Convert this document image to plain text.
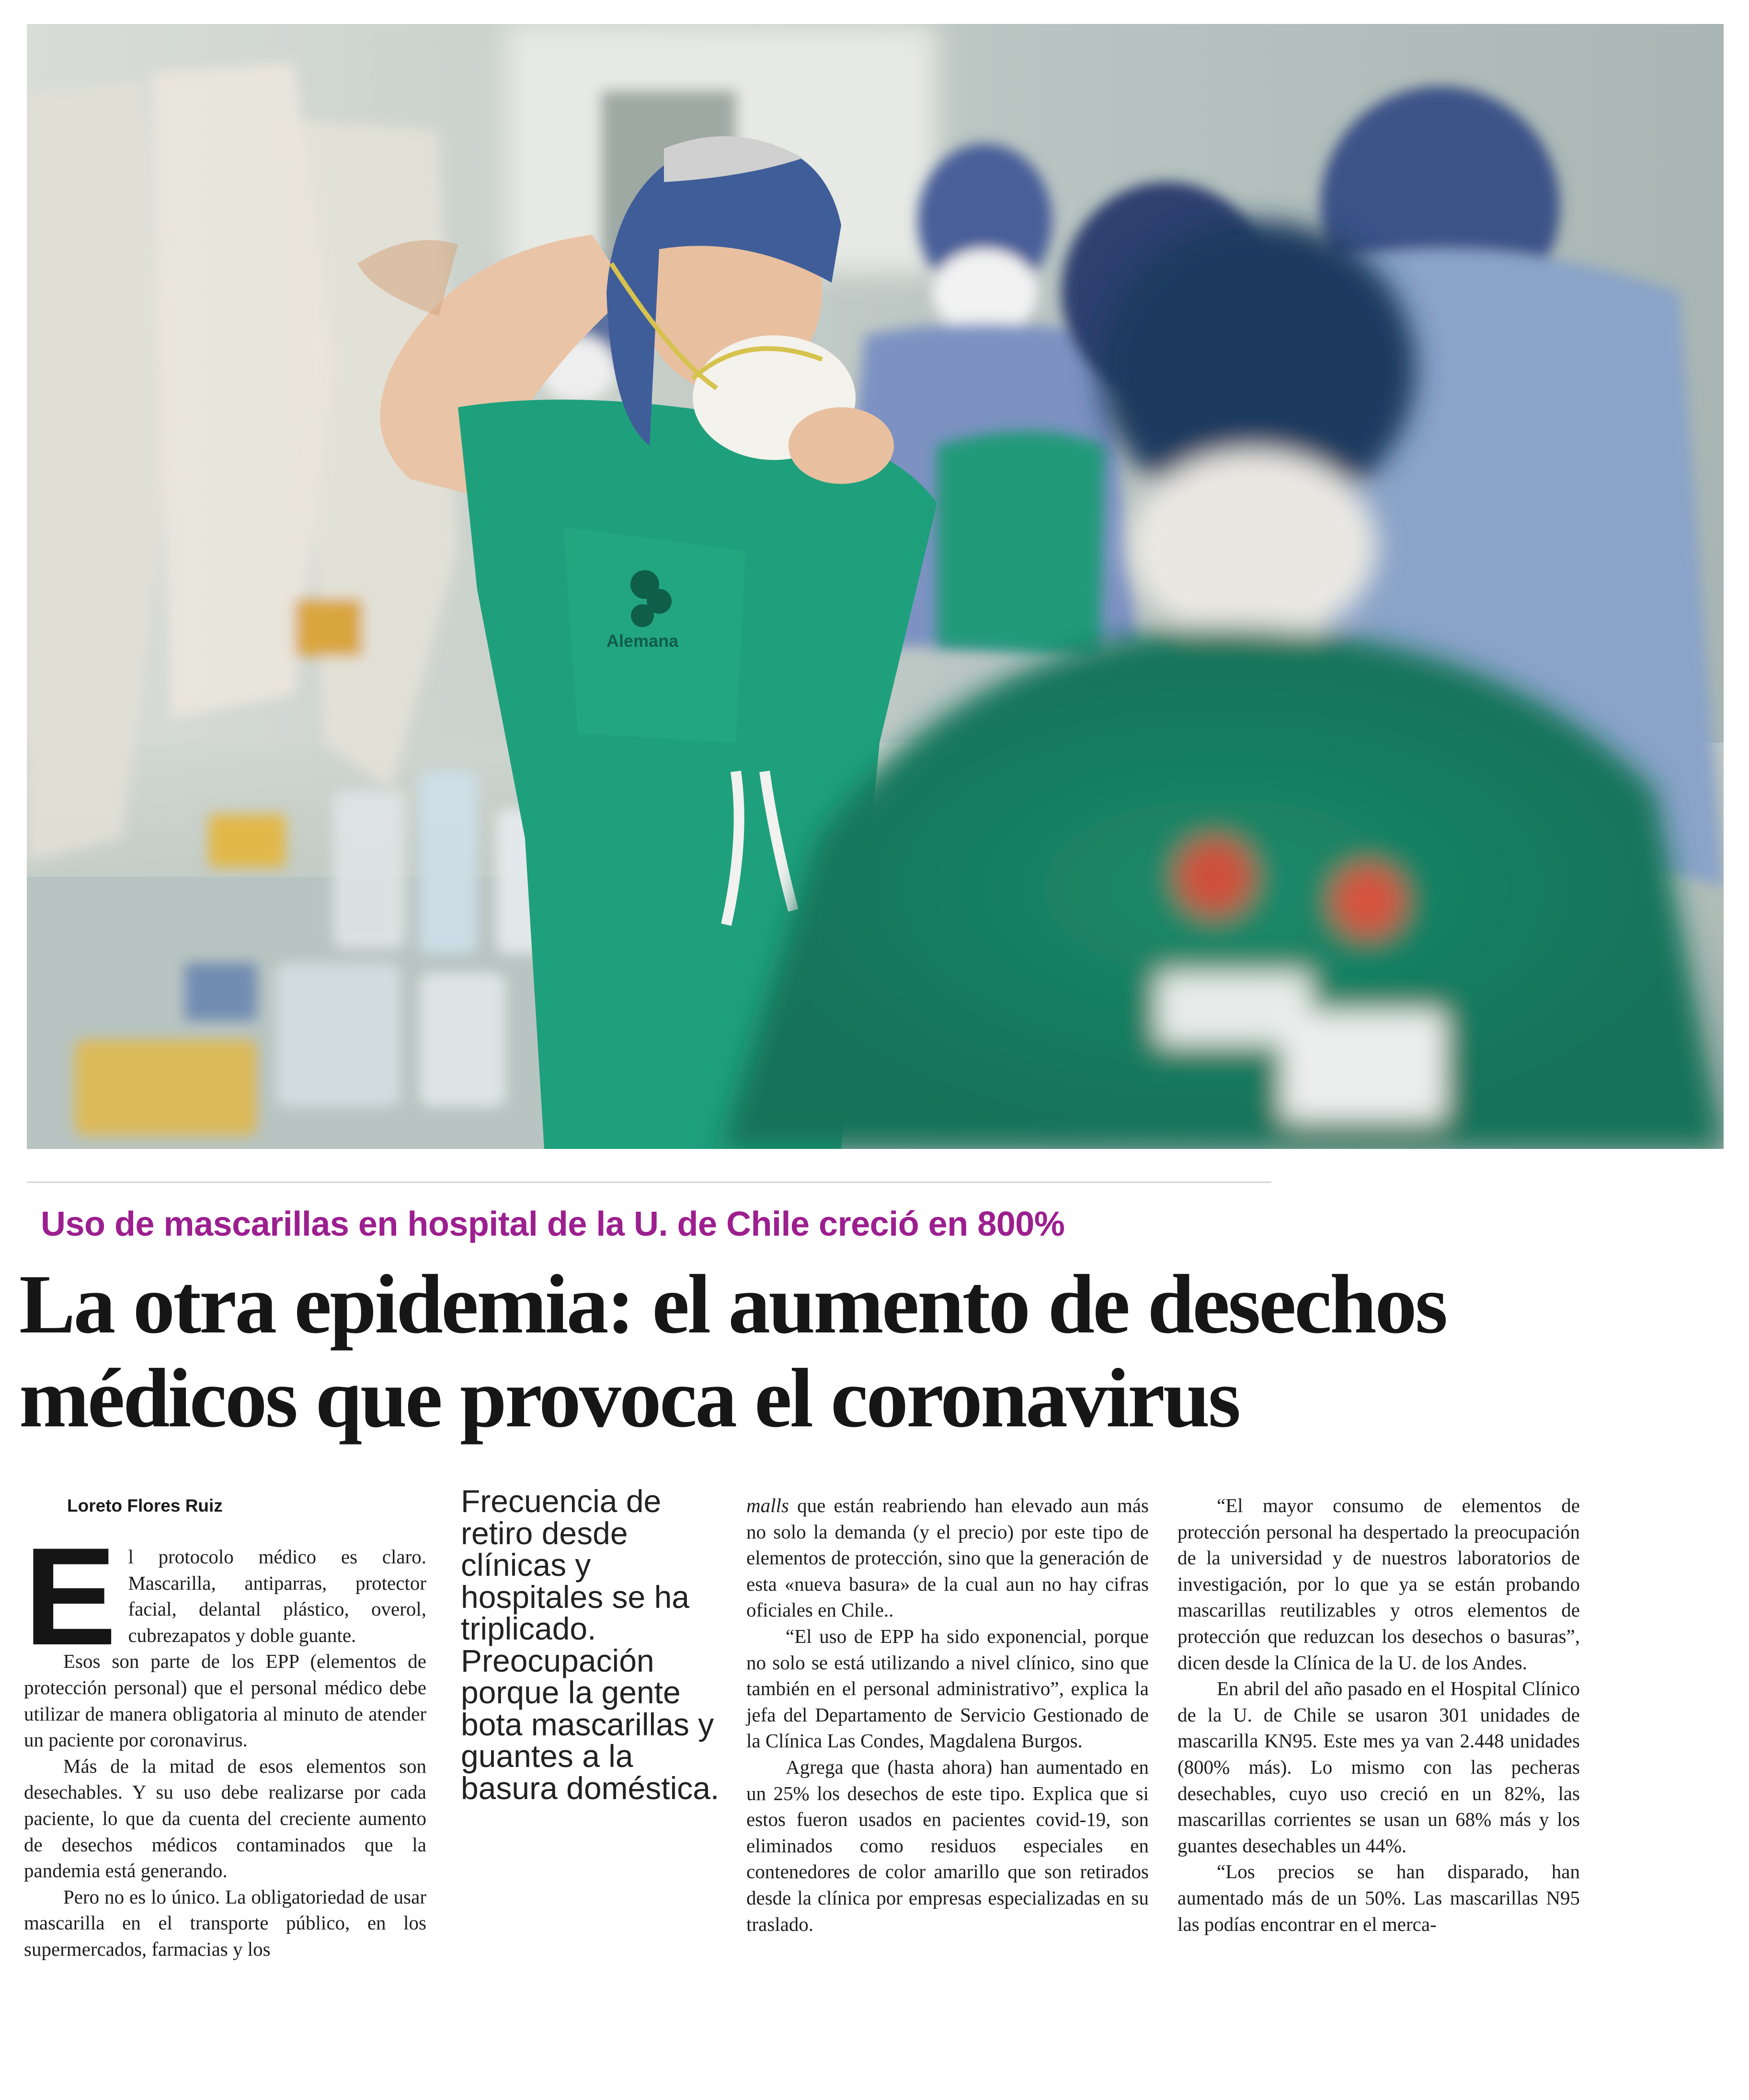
Alemana
Uso de mascarillas en hospital de la U. de Chile creció en 800%
La otra epidemia: el aumento de desechos
médicos que provoca el coronavirus
Loreto Flores Ruiz

El protocolo médico es claro. Mascarilla, antiparras, protector facial, delantal plástico, overol, cubrezapatos y doble guante.

Esos son parte de los EPP (elementos de protección personal) que el personal médico debe utilizar de manera obligatoria al minuto de atender un paciente por coronavirus.

Más de la mitad de esos elementos son desechables. Y su uso debe realizarse por cada paciente, lo que da cuenta del creciente aumento de desechos médicos contaminados que la pandemia está generando.

Pero no es lo único. La obligatoriedad de usar mascarilla en el transporte público, en los supermercados, farmacias y los

Frecuencia de retiro desde clínicas y hospitales se ha triplicado. Preocupación porque la gente bota mascarillas y guantes a la basura doméstica.

malls que están reabriendo han elevado aun más no solo la demanda (y el precio) por este tipo de elementos de protección, sino que la generación de esta «nueva basura» de la cual aun no hay cifras oficiales en Chile..

“El uso de EPP ha sido exponencial, porque no solo se está utilizando a nivel clínico, sino que también en el personal administrativo”, explica la jefa del Departamento de Servicio Gestionado de la Clínica Las Condes, Magdalena Burgos.

Agrega que (hasta ahora) han aumentado en un 25% los desechos de este tipo. Explica que si estos fueron usados en pacientes covid-19, son eliminados como residuos especiales en contenedores de color amarillo que son retirados desde la clínica por empresas especializadas en su traslado.

“El mayor consumo de elementos de protección personal ha despertado la preocupación de la universidad y de nuestros laboratorios de investigación, por lo que ya se están probando mascarillas reutilizables y otros elementos de protección que reduzcan los desechos o basuras”, dicen desde la Clínica de la U. de los Andes.

En abril del año pasado en el Hospital Clínico de la U. de Chile se usaron 301 unidades de mascarilla KN95. Este mes ya van 2.448 unidades (800% más). Lo mismo con las pecheras desechables, cuyo uso creció en un 82%, las mascarillas corrientes se usan un 68% más y los guantes desechables un 44%.

“Los precios se han disparado, han aumentado más de un 50%. Las mascarillas N95 las podías encontrar en el merca-
